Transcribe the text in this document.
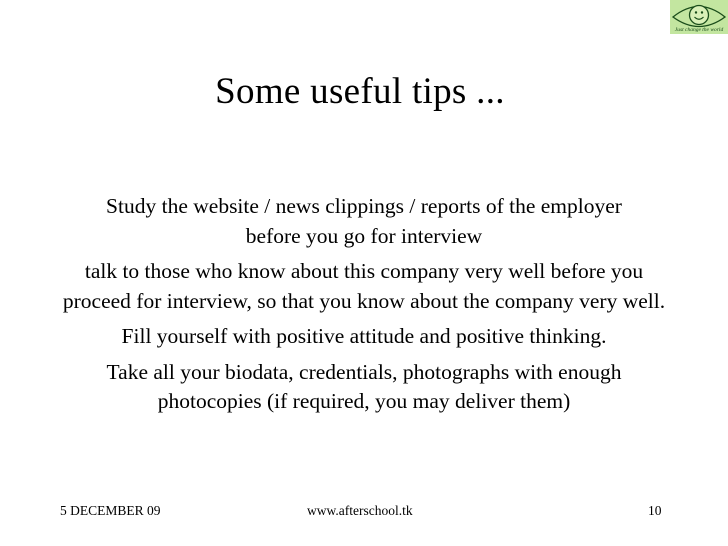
Just change the world
Some useful tips ...

Study the website / news clippings / reports of the employer before you go for interview

talk to those who know about this company very well before you proceed for interview, so that you know about the company very well.

Fill yourself with positive attitude and positive thinking.

Take all your biodata, credentials, photographs with enough photocopies (if required, you may deliver them)

5 DECEMBER 09	www.afterschool.tk	10
